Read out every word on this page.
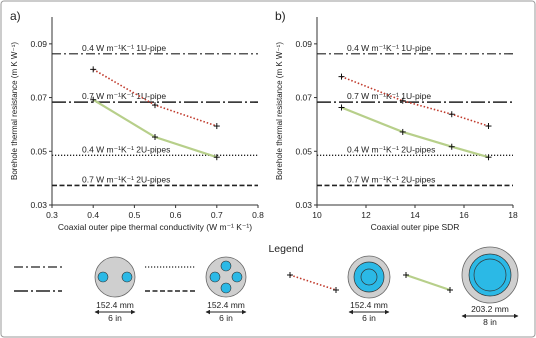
a)
0.3	0.4	0.5	0.6	0.7	0.8
0.03
0.05
0.07
0.09
Coaxial outer pipe thermal conductivity (W m⁻¹ K⁻¹)
Borehole thermal resistance (m K W⁻¹)	0.4 W m⁻¹K⁻¹ 1U-pipe
0.7 W m⁻¹K⁻¹ 1U-pipe
0.4 W m⁻¹K⁻¹ 2U-pipes
0.7 W m⁻¹K⁻¹ 2U-pipes
b)
10	12	14	16	18
0.03
0.05
0.07
0.09
Coaxial outer pipe SDR
Borehole thermal resistance (m K W⁻¹)	0.4 W m⁻¹K⁻¹ 1U-pipe
0.7 W m⁻¹K⁻¹ 1U-pipe
0.4 W m⁻¹K⁻¹ 2U-pipes
0.7 W m⁻¹K⁻¹ 2U-pipes
Legend
152.4 mm
6 in
152.4 mm
6 in
152.4 mm
6 in
203.2 mm
8 in
